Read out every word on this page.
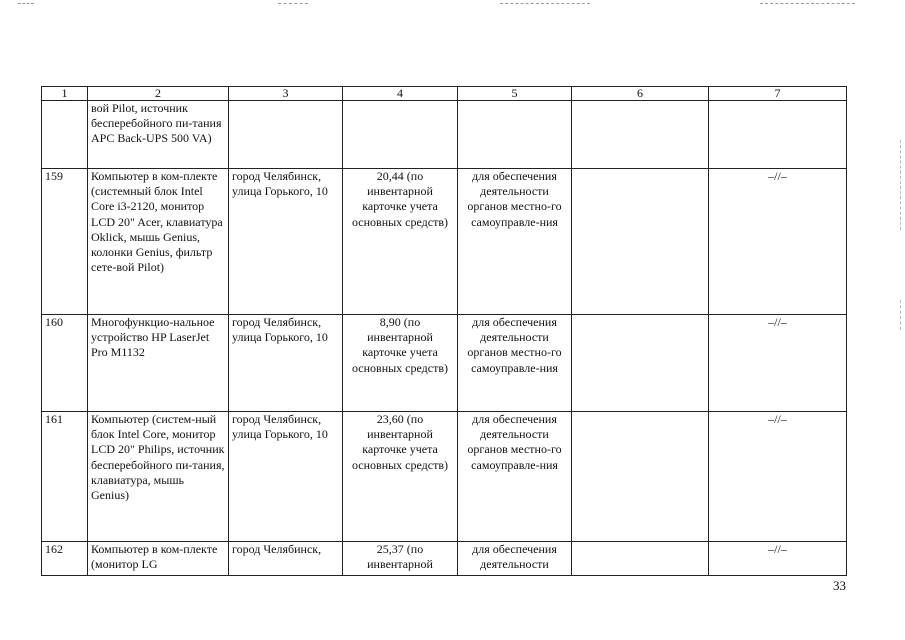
1	2	3	4	5	6	7
	вой Pilot, источник бесперебойного пи-тания APC Back-UPS 500 VA)					
159	Компьютер в ком-плекте (системный блок Intel Core i3-2120, монитор LCD 20" Acer, клавиатура Oklick, мышь Genius, колонки Genius, фильтр сете-вой Pilot)	город Челябинск, улица Горького, 10	20,44 (по инвентарной карточке учета основных средств)	для обеспечения деятельности органов местно-го самоуправле-ния		–//–
160	Многофункцио-нальное устройство HP LaserJet Pro M1132	город Челябинск, улица Горького, 10	8,90 (по инвентарной карточке учета основных средств)	для обеспечения деятельности органов местно-го самоуправле-ния		–//–
161	Компьютер (систем-ный блок Intel Core, монитор LCD 20" Philips, источник бесперебойного пи-тания, клавиатура, мышь Genius)	город Челябинск, улица Горького, 10	23,60 (по инвентарной карточке учета основных средств)	для обеспечения деятельности органов местно-го самоуправле-ния		–//–
162	Компьютер в ком-плекте (монитор LG	город Челябинск,	25,37 (по инвентарной	для обеспечения деятельности		–//–
33
